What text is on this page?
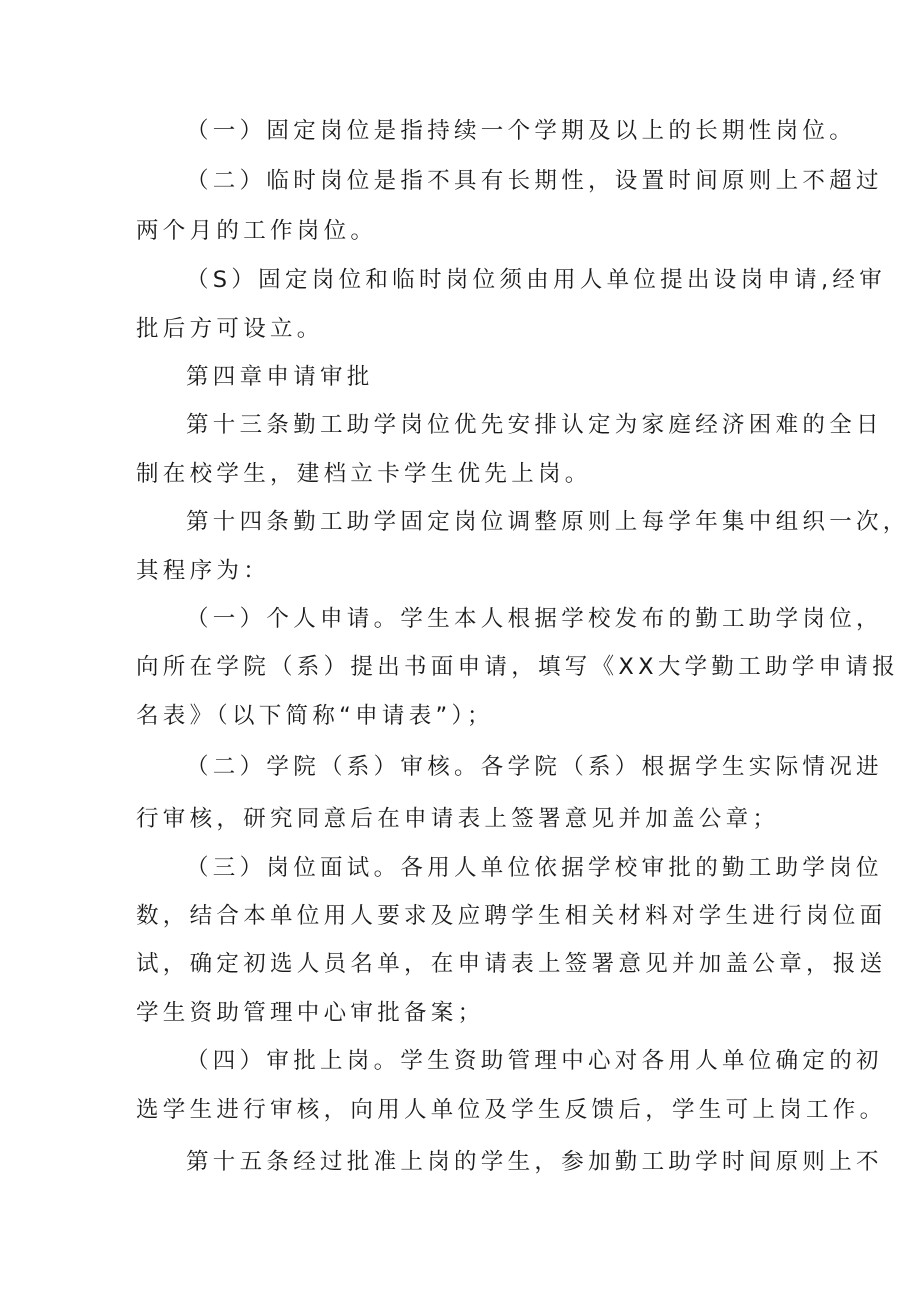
（一）固定岗位是指持续一个学期及以上的长期性岗位。
（二）临时岗位是指不具有长期性，设置时间原则上不超过
两个月的工作岗位。
（S）固定岗位和临时岗位须由用人单位提出设岗申请,经审
批后方可设立。
第四章申请审批
第十三条勤工助学岗位优先安排认定为家庭经济困难的全日
制在校学生，建档立卡学生优先上岗。
第十四条勤工助学固定岗位调整原则上每学年集中组织一次，
其程序为：
（一）个人申请。学生本人根据学校发布的勤工助学岗位，
向所在学院（系）提出书面申请，填写《XX大学勤工助学申请报
名表》（以下简称“申请表”）；
（二）学院（系）审核。各学院（系）根据学生实际情况进
行审核，研究同意后在申请表上签署意见并加盖公章；
（三）岗位面试。各用人单位依据学校审批的勤工助学岗位
数，结合本单位用人要求及应聘学生相关材料对学生进行岗位面
试，确定初选人员名单，在申请表上签署意见并加盖公章，报送
学生资助管理中心审批备案；
（四）审批上岗。学生资助管理中心对各用人单位确定的初
选学生进行审核，向用人单位及学生反馈后，学生可上岗工作。
第十五条经过批准上岗的学生，参加勤工助学时间原则上不
